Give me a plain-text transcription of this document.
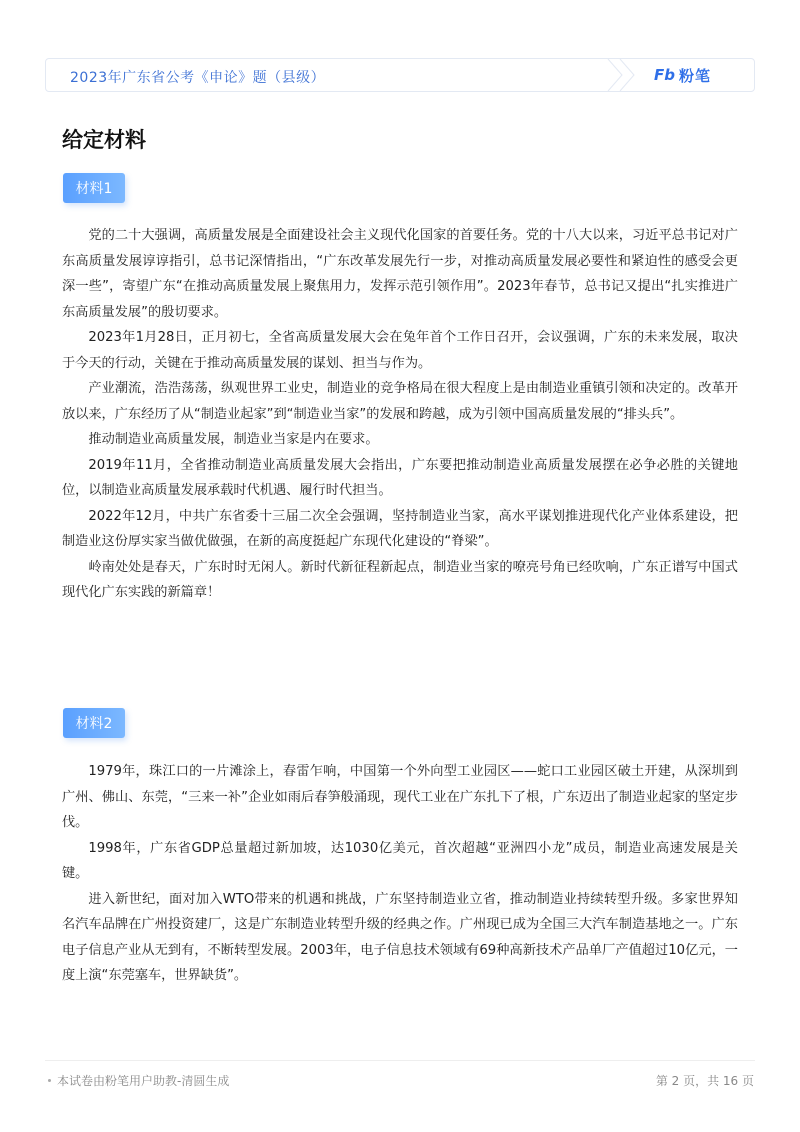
2023年广东省公考《申论》题（县级）	Fb 粉笔
给定材料
材料1

党的二十大强调，高质量发展是全面建设社会主义现代化国家的首要任务。党的十八大以来，习近平总书记对广东高质量发展谆谆指引，总书记深情指出，“广东改革发展先行一步，对推动高质量发展必要性和紧迫性的感受会更深一些”，寄望广东“在推动高质量发展上聚焦用力，发挥示范引领作用”。2023年春节，总书记又提出“扎实推进广东高质量发展”的殷切要求。

2023年1月28日，正月初七，全省高质量发展大会在兔年首个工作日召开，会议强调，广东的未来发展，取决于今天的行动，关键在于推动高质量发展的谋划、担当与作为。

产业潮流，浩浩荡荡，纵观世界工业史，制造业的竞争格局在很大程度上是由制造业重镇引领和决定的。改革开放以来，广东经历了从“制造业起家”到“制造业当家”的发展和跨越，成为引领中国高质量发展的“排头兵”。

推动制造业高质量发展，制造业当家是内在要求。

2019年11月，全省推动制造业高质量发展大会指出，广东要把推动制造业高质量发展摆在必争必胜的关键地位，以制造业高质量发展承载时代机遇、履行时代担当。

2022年12月，中共广东省委十三届二次全会强调，坚持制造业当家，高水平谋划推进现代化产业体系建设，把制造业这份厚实家当做优做强，在新的高度挺起广东现代化建设的“脊梁”。

岭南处处是春天，广东时时无闲人。新时代新征程新起点，制造业当家的嘹亮号角已经吹响，广东正谱写中国式现代化广东实践的新篇章！

材料2

1979年，珠江口的一片滩涂上，春雷乍响，中国第一个外向型工业园区——蛇口工业园区破土开建，从深圳到广州、佛山、东莞，“三来一补”企业如雨后春笋般涌现，现代工业在广东扎下了根，广东迈出了制造业起家的坚定步伐。

1998年，广东省GDP总量超过新加坡，达1030亿美元，首次超越“亚洲四小龙”成员，制造业高速发展是关键。

进入新世纪，面对加入WTO带来的机遇和挑战，广东坚持制造业立省，推动制造业持续转型升级。多家世界知名汽车品牌在广州投资建厂，这是广东制造业转型升级的经典之作。广州现已成为全国三大汽车制造基地之一。广东电子信息产业从无到有，不断转型发展。2003年，电子信息技术领域有69种高新技术产品单厂产值超过10亿元，一度上演“东莞塞车，世界缺货”。

本试卷由粉笔用户助教-清圆生成	第 2 页，共 16 页
